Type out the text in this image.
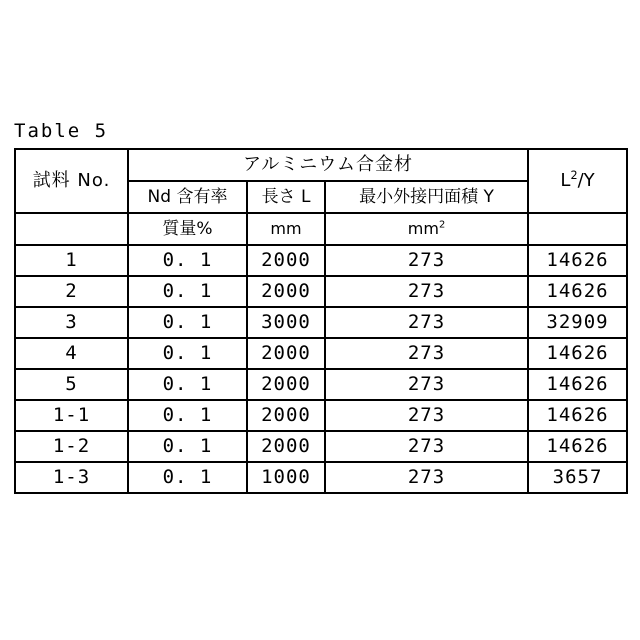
Table 5
試料 No.	アルミニウム合金材			$L^2/Y$
	Nd 含有率	長さ L	最小外接円面積 Y	
	質量%	mm	$mm^2$	
1	0. 1	2000	273	14626
2	0. 1	2000	273	14626
3	0. 1	3000	273	32909
4	0. 1	2000	273	14626
5	0. 1	2000	273	14626
1-1	0. 1	2000	273	14626
1-2	0. 1	2000	273	14626
1-3	0. 1	1000	273	3657
